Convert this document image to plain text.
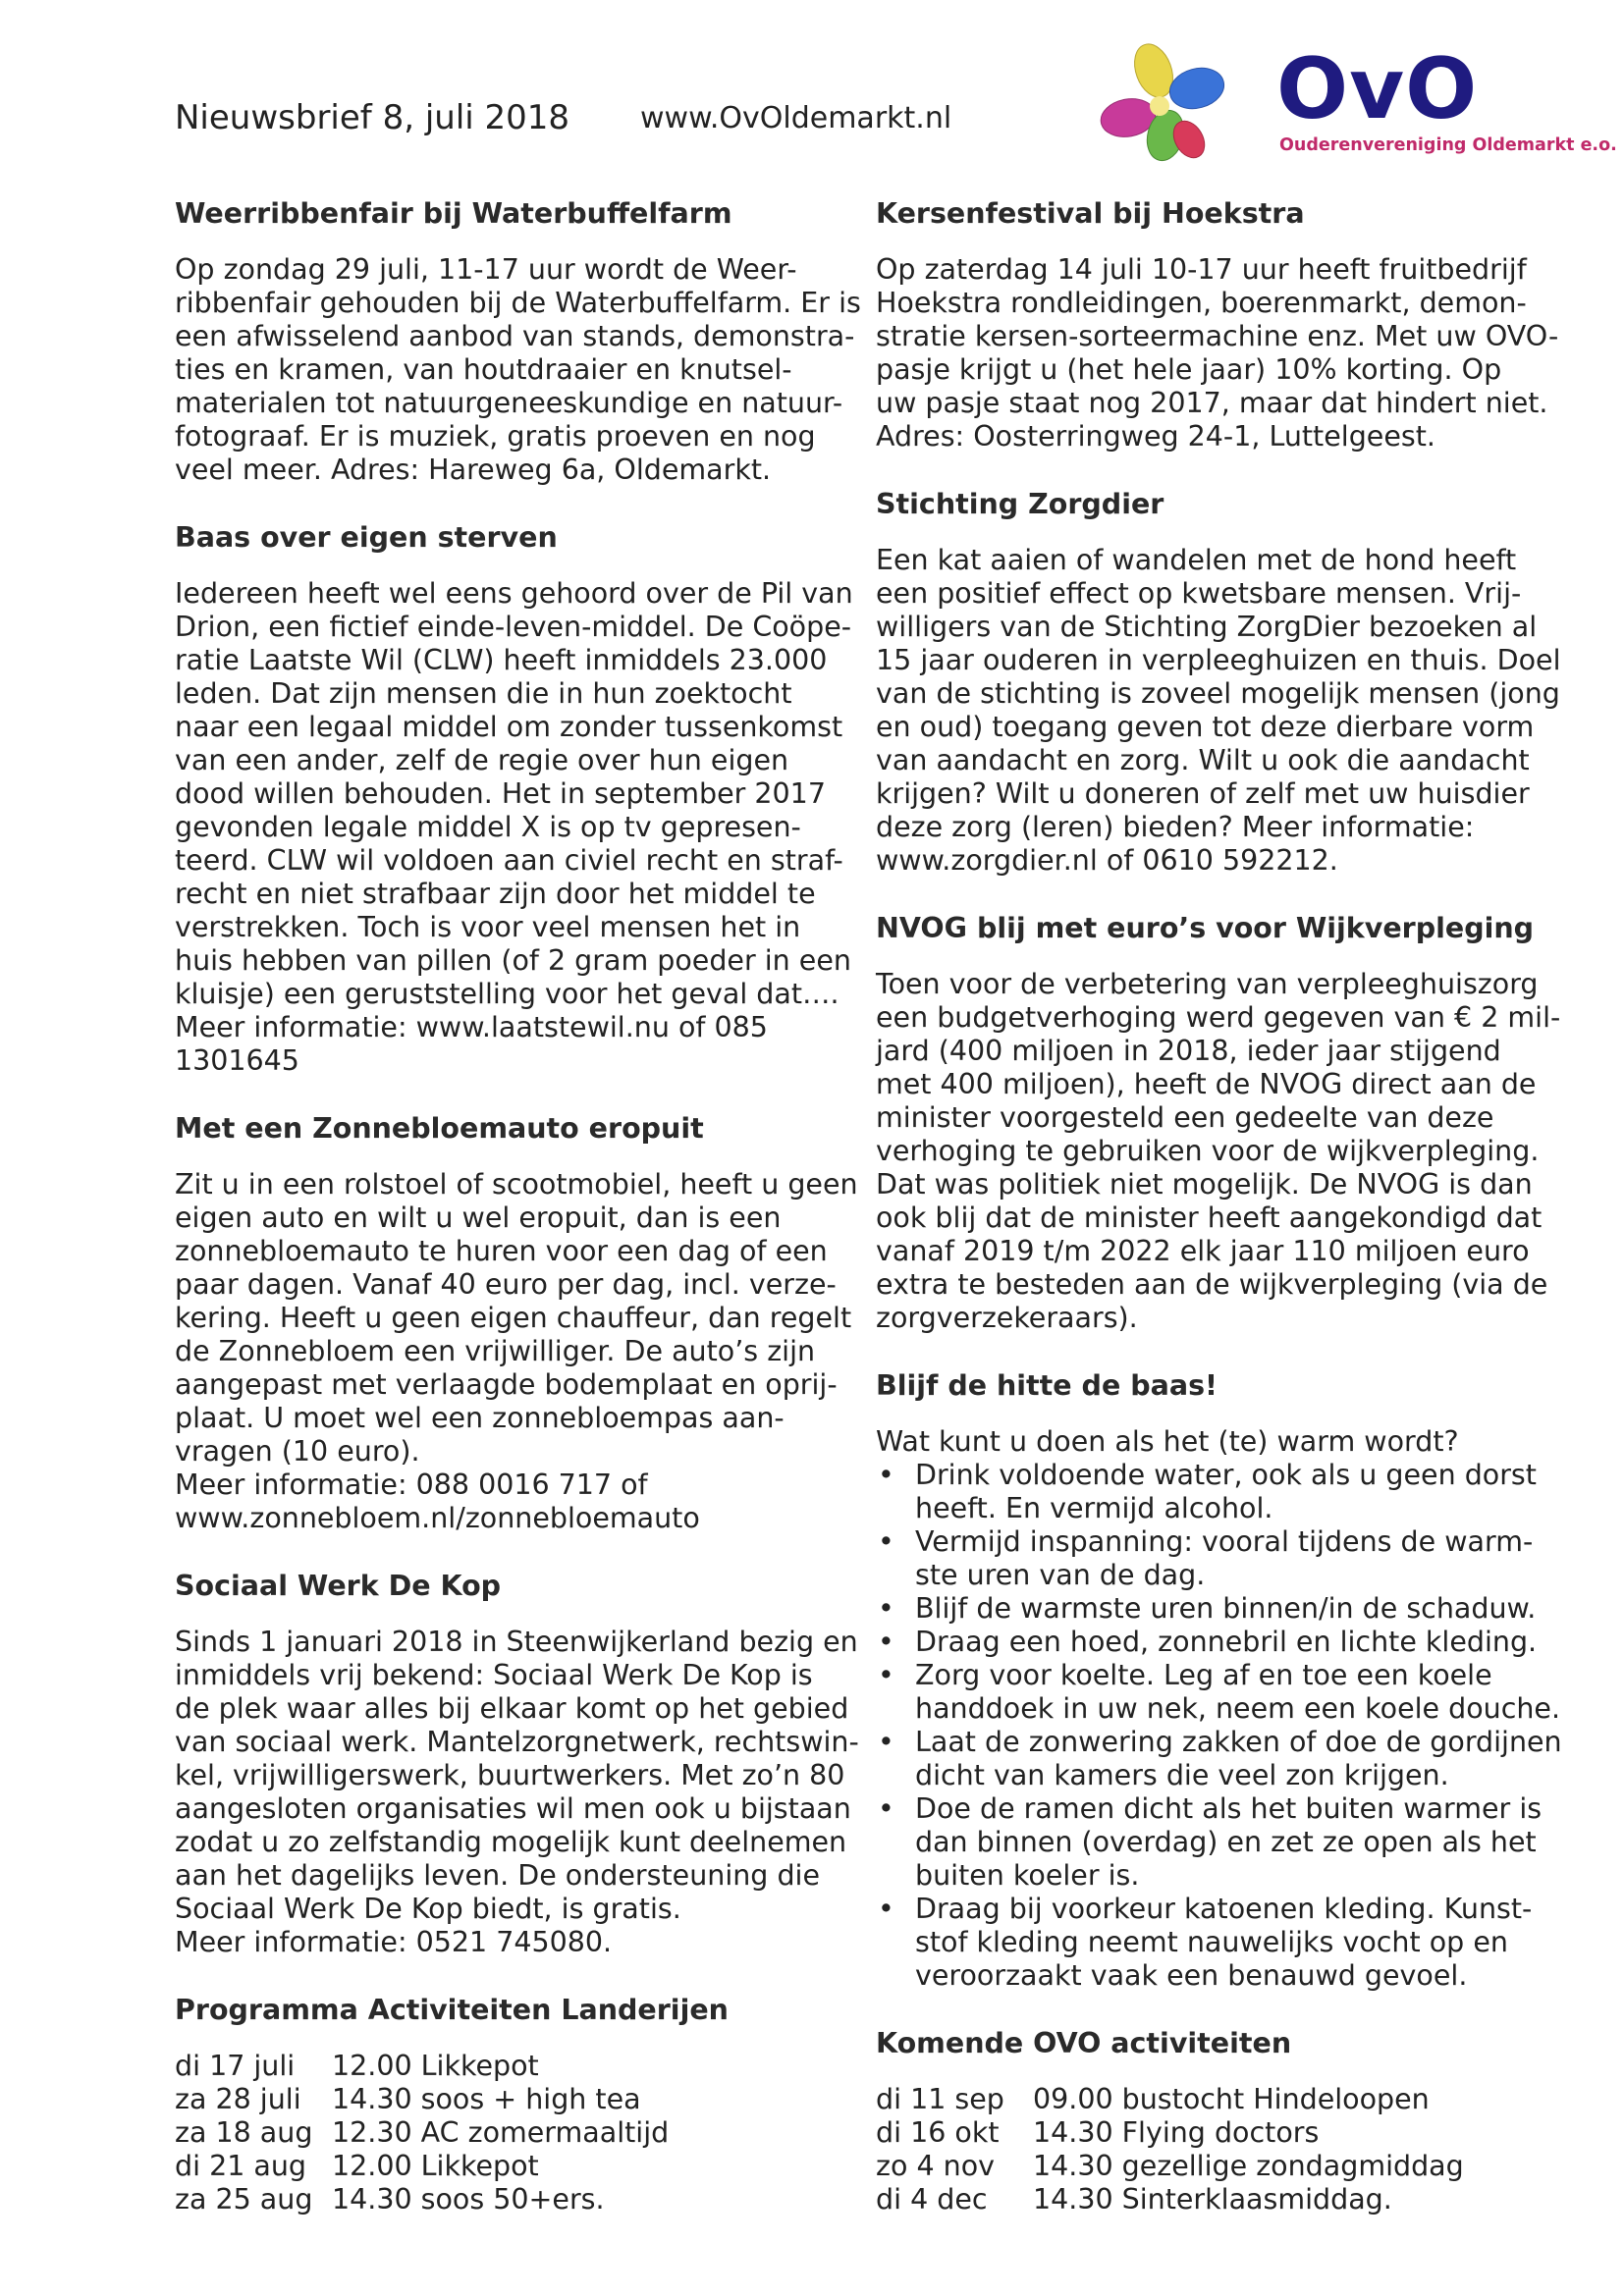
Nieuwsbrief 8, juli 2018 www.OvOldemarkt.nl	OvO
Ouderenvereniging Oldemarkt e.o.
Weerribbenfair bij Waterbuffelfarm

Op zondag 29 juli, 11-17 uur wordt de Weer-
ribbenfair gehouden bij de Waterbuffelfarm. Er is
een afwisselend aanbod van stands, demonstra-
ties en kramen, van houtdraaier en knutsel-
materialen tot natuurgeneeskundige en natuur-
fotograaf. Er is muziek, gratis proeven en nog
veel meer. Adres: Hareweg 6a, Oldemarkt.

Baas over eigen sterven

Iedereen heeft wel eens gehoord over de Pil van
Drion, een fictief einde-leven-middel. De Coöpe-
ratie Laatste Wil (CLW) heeft inmiddels 23.000
leden. Dat zijn mensen die in hun zoektocht
naar een legaal middel om zonder tussenkomst
van een ander, zelf de regie over hun eigen
dood willen behouden. Het in september 2017
gevonden legale middel X is op tv gepresen-
teerd. CLW wil voldoen aan civiel recht en straf-
recht en niet strafbaar zijn door het middel te
verstrekken. Toch is voor veel mensen het in
huis hebben van pillen (of 2 gram poeder in een
kluisje) een geruststelling voor het geval dat….
Meer informatie: www.laatstewil.nu of 085
1301645

Met een Zonnebloemauto eropuit

Zit u in een rolstoel of scootmobiel, heeft u geen
eigen auto en wilt u wel eropuit, dan is een
zonnebloemauto te huren voor een dag of een
paar dagen. Vanaf 40 euro per dag, incl. verze-
kering. Heeft u geen eigen chauffeur, dan regelt
de Zonnebloem een vrijwilliger. De auto’s zijn
aangepast met verlaagde bodemplaat en oprij-
plaat. U moet wel een zonnebloempas aan-
vragen (10 euro).
Meer informatie: 088 0016 717 of
www.zonnebloem.nl/zonnebloemauto

Sociaal Werk De Kop

Sinds 1 januari 2018 in Steenwijkerland bezig en
inmiddels vrij bekend: Sociaal Werk De Kop is
de plek waar alles bij elkaar komt op het gebied
van sociaal werk. Mantelzorgnetwerk, rechtswin-
kel, vrijwilligerswerk, buurtwerkers. Met zo’n 80
aangesloten organisaties wil men ook u bijstaan
zodat u zo zelfstandig mogelijk kunt deelnemen
aan het dagelijks leven. De ondersteuning die
Sociaal Werk De Kop biedt, is gratis.
Meer informatie: 0521 745080.

Programma Activiteiten Landerijen
di 17 juli	12.00 Likkepot
za 28 juli	14.30 soos + high tea
za 18 aug	12.30 AC zomermaaltijd
di 21 aug	12.00 Likkepot
za 25 aug	14.30 soos 50+ers.
Kersenfestival bij Hoekstra

Op zaterdag 14 juli 10-17 uur heeft fruitbedrijf
Hoekstra rondleidingen, boerenmarkt, demon-
stratie kersen-sorteermachine enz. Met uw OVO-
pasje krijgt u (het hele jaar) 10% korting. Op
uw pasje staat nog 2017, maar dat hindert niet.
Adres: Oosterringweg 24-1, Luttelgeest.

Stichting Zorgdier

Een kat aaien of wandelen met de hond heeft
een positief effect op kwetsbare mensen. Vrij-
willigers van de Stichting ZorgDier bezoeken al
15 jaar ouderen in verpleeghuizen en thuis. Doel
van de stichting is zoveel mogelijk mensen (jong
en oud) toegang geven tot deze dierbare vorm
van aandacht en zorg. Wilt u ook die aandacht
krijgen? Wilt u doneren of zelf met uw huisdier
deze zorg (leren) bieden? Meer informatie:
www.zorgdier.nl of 0610 592212.

NVOG blij met euro’s voor Wijkverpleging

Toen voor de verbetering van verpleeghuiszorg
een budgetverhoging werd gegeven van € 2 mil-
jard (400 miljoen in 2018, ieder jaar stijgend
met 400 miljoen), heeft de NVOG direct aan de
minister voorgesteld een gedeelte van deze
verhoging te gebruiken voor de wijkverpleging.
Dat was politiek niet mogelijk. De NVOG is dan
ook blij dat de minister heeft aangekondigd dat
vanaf 2019 t/m 2022 elk jaar 110 miljoen euro
extra te besteden aan de wijkverpleging (via de
zorgverzekeraars).

Blijf de hitte de baas!

Wat kunt u doen als het (te) warm wordt?

• Drink voldoende water, ook als u geen dorst
heeft. En vermijd alcohol.
• Vermijd inspanning: vooral tijdens de warm-
ste uren van de dag.
• Blijf de warmste uren binnen/in de schaduw.
• Draag een hoed, zonnebril en lichte kleding.
• Zorg voor koelte. Leg af en toe een koele
handdoek in uw nek, neem een koele douche.
• Laat de zonwering zakken of doe de gordijnen
dicht van kamers die veel zon krijgen.
• Doe de ramen dicht als het buiten warmer is
dan binnen (overdag) en zet ze open als het
buiten koeler is.
• Draag bij voorkeur katoenen kleding. Kunst-
stof kleding neemt nauwelijks vocht op en
veroorzaakt vaak een benauwd gevoel.
Komende OVO activiteiten
di 11 sep	09.00 bustocht Hindeloopen
di 16 okt	14.30 Flying doctors
zo 4 nov	14.30 gezellige zondagmiddag
di 4 dec	14.30 Sinterklaasmiddag.
